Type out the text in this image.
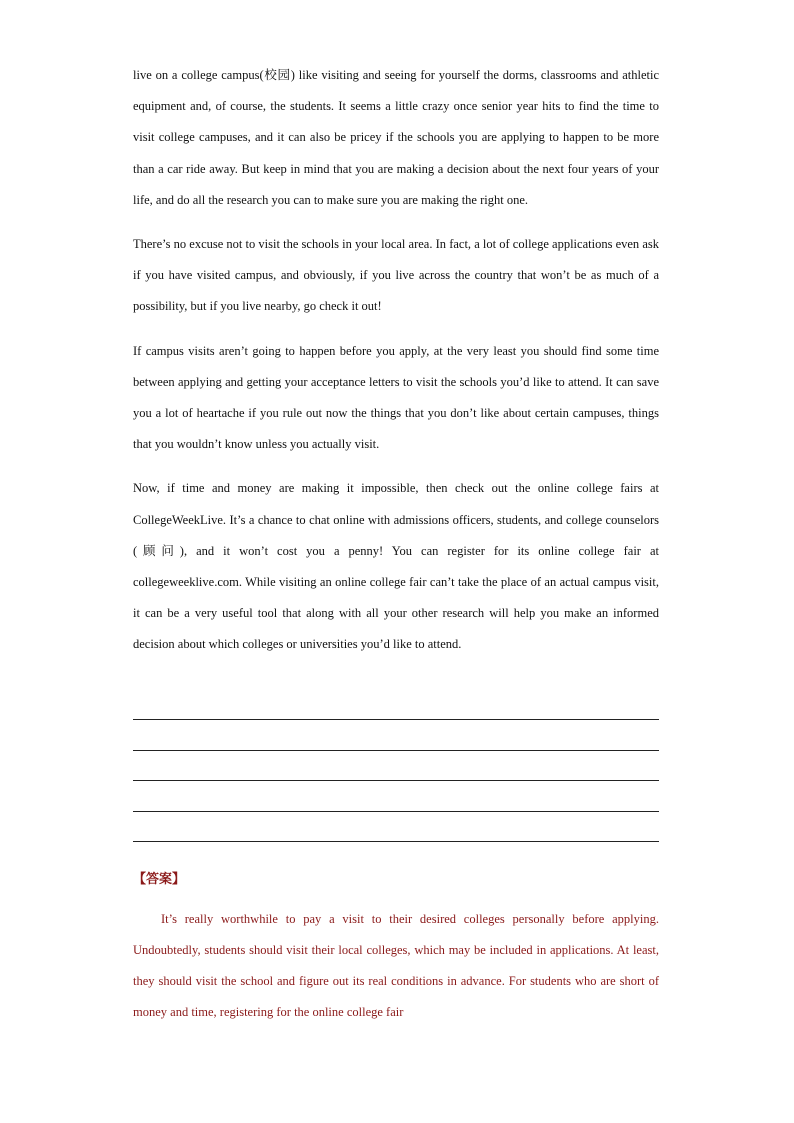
live on a college campus(校园) like visiting and seeing for yourself the dorms, classrooms and athletic equipment and, of course, the students. It seems a little crazy once senior year hits to find the time to visit college campuses, and it can also be pricey if the schools you are applying to happen to be more than a car ride away. But keep in mind that you are making a decision about the next four years of your life, and do all the research you can to make sure you are making the right one.

There’s no excuse not to visit the schools in your local area. In fact, a lot of college applications even ask if you have visited campus, and obviously, if you live across the country that won’t be as much of a possibility, but if you live nearby, go check it out!

If campus visits aren’t going to happen before you apply, at the very least you should find some time between applying and getting your acceptance letters to visit the schools you’d like to attend. It can save you a lot of heartache if you rule out now the things that you don’t like about certain campuses, things that you wouldn’t know unless you actually visit.

Now, if time and money are making it impossible, then check out the online college fairs at CollegeWeekLive. It’s a chance to chat online with admissions officers, students, and college counselors (顾问), and it won’t cost you a penny! You can register for its online college fair at collegeweeklive.com. While visiting an online college fair can’t take the place of an actual campus visit, it can be a very useful tool that along with all your other research will help you make an informed decision about which colleges or universities you’d like to attend.

【答案】

It’s really worthwhile to pay a visit to their desired colleges personally before applying. Undoubtedly, students should visit their local colleges, which may be included in applications. At least, they should visit the school and figure out its real conditions in advance. For students who are short of money and time, registering for the online college fair
